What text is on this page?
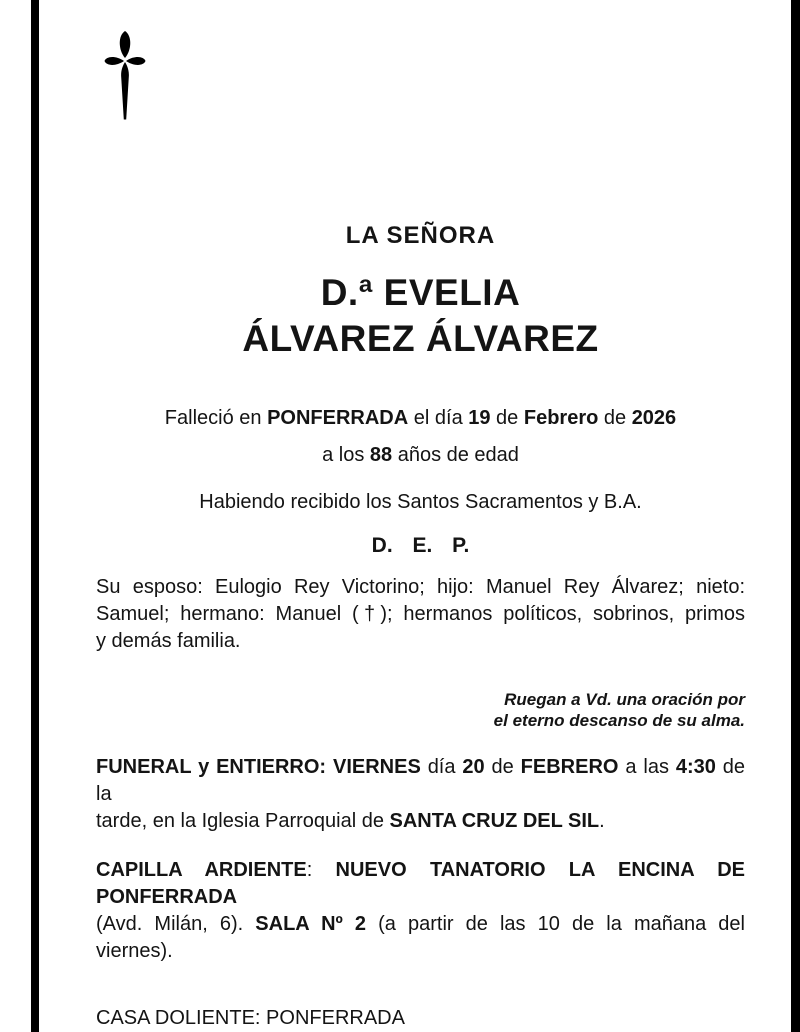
LA SEÑORA
D.ª EVELIA
ÁLVAREZ ÁLVAREZ
Falleció en PONFERRADA el día 19 de Febrero de 2026
a los 88 años de edad
Habiendo recibido los Santos Sacramentos y B.A.
D. E. P.
Su esposo: Eulogio Rey Victorino; hijo: Manuel Rey Álvarez; nieto:
Samuel; hermano: Manuel (†); hermanos políticos, sobrinos, primos
y demás familia.
Ruegan a Vd. una oración por
el eterno descanso de su alma.
FUNERAL y ENTIERRO: VIERNES día 20 de FEBRERO a las 4:30 de la
tarde, en la Iglesia Parroquial de SANTA CRUZ DEL SIL.
CAPILLA ARDIENTE: NUEVO TANATORIO LA ENCINA DE PONFERRADA
(Avd. Milán, 6). SALA Nº 2 (a partir de las 10 de la mañana del
viernes).
CASA DOLIENTE: PONFERRADA
